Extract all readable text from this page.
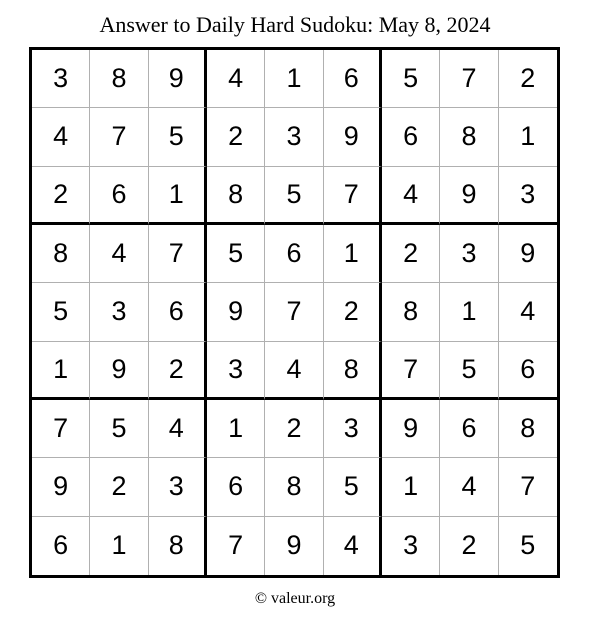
Answer to Daily Hard Sudoku: May 8, 2024
3	8	9	4	1	6	5	7	2
4	7	5	2	3	9	6	8	1
2	6	1	8	5	7	4	9	3
8	4	7	5	6	1	2	3	9
5	3	6	9	7	2	8	1	4
1	9	2	3	4	8	7	5	6
7	5	4	1	2	3	9	6	8
9	2	3	6	8	5	1	4	7
6	1	8	7	9	4	3	2	5
© valeur.org
